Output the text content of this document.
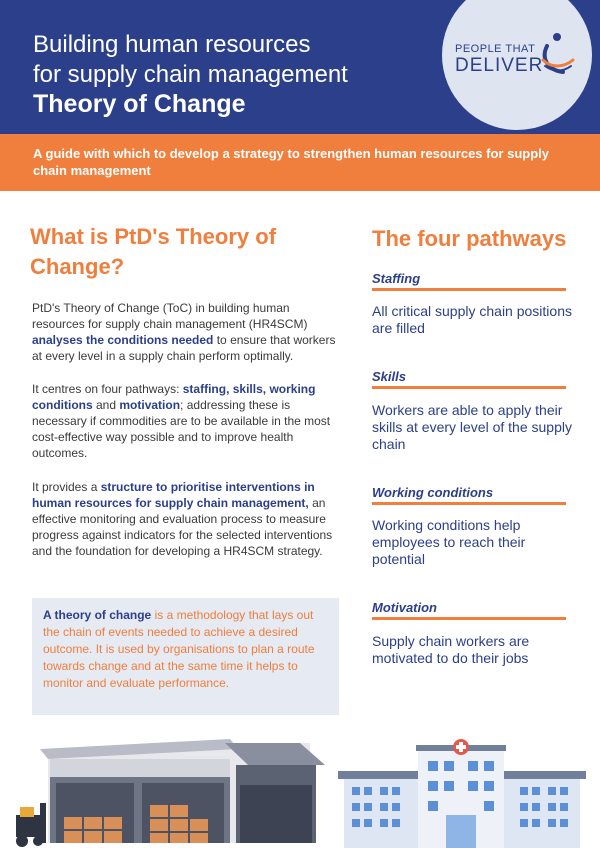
Building human resources
for supply chain management
Theory of Change
PEOPLE THAT
DELIVER
A guide with which to develop a strategy to strengthen human resources for supply chain management
What is PtD's Theory of Change?
PtD's Theory of Change (ToC) in building human resources for supply chain management (HR4SCM) analyses the conditions needed to ensure that workers at every level in a supply chain perform optimally.
It centres on four pathways: staffing, skills, working conditions and motivation; addressing these is necessary if commodities are to be available in the most cost-effective way possible and to improve health outcomes.
It provides a structure to prioritise interventions in human resources for supply chain management, an effective monitoring and evaluation process to measure progress against indicators for the selected interventions and the foundation for developing a HR4SCM strategy.
A theory of change is a methodology that lays out the chain of events needed to achieve a desired outcome. It is used by organisations to plan a route towards change and at the same time it helps to monitor and evaluate performance.
The four pathways
Staffing
All critical supply chain positions are filled
Skills
Workers are able to apply their skills at every level of the supply chain
Working conditions
Working conditions help employees to reach their potential
Motivation
Supply chain workers are motivated to do their jobs
